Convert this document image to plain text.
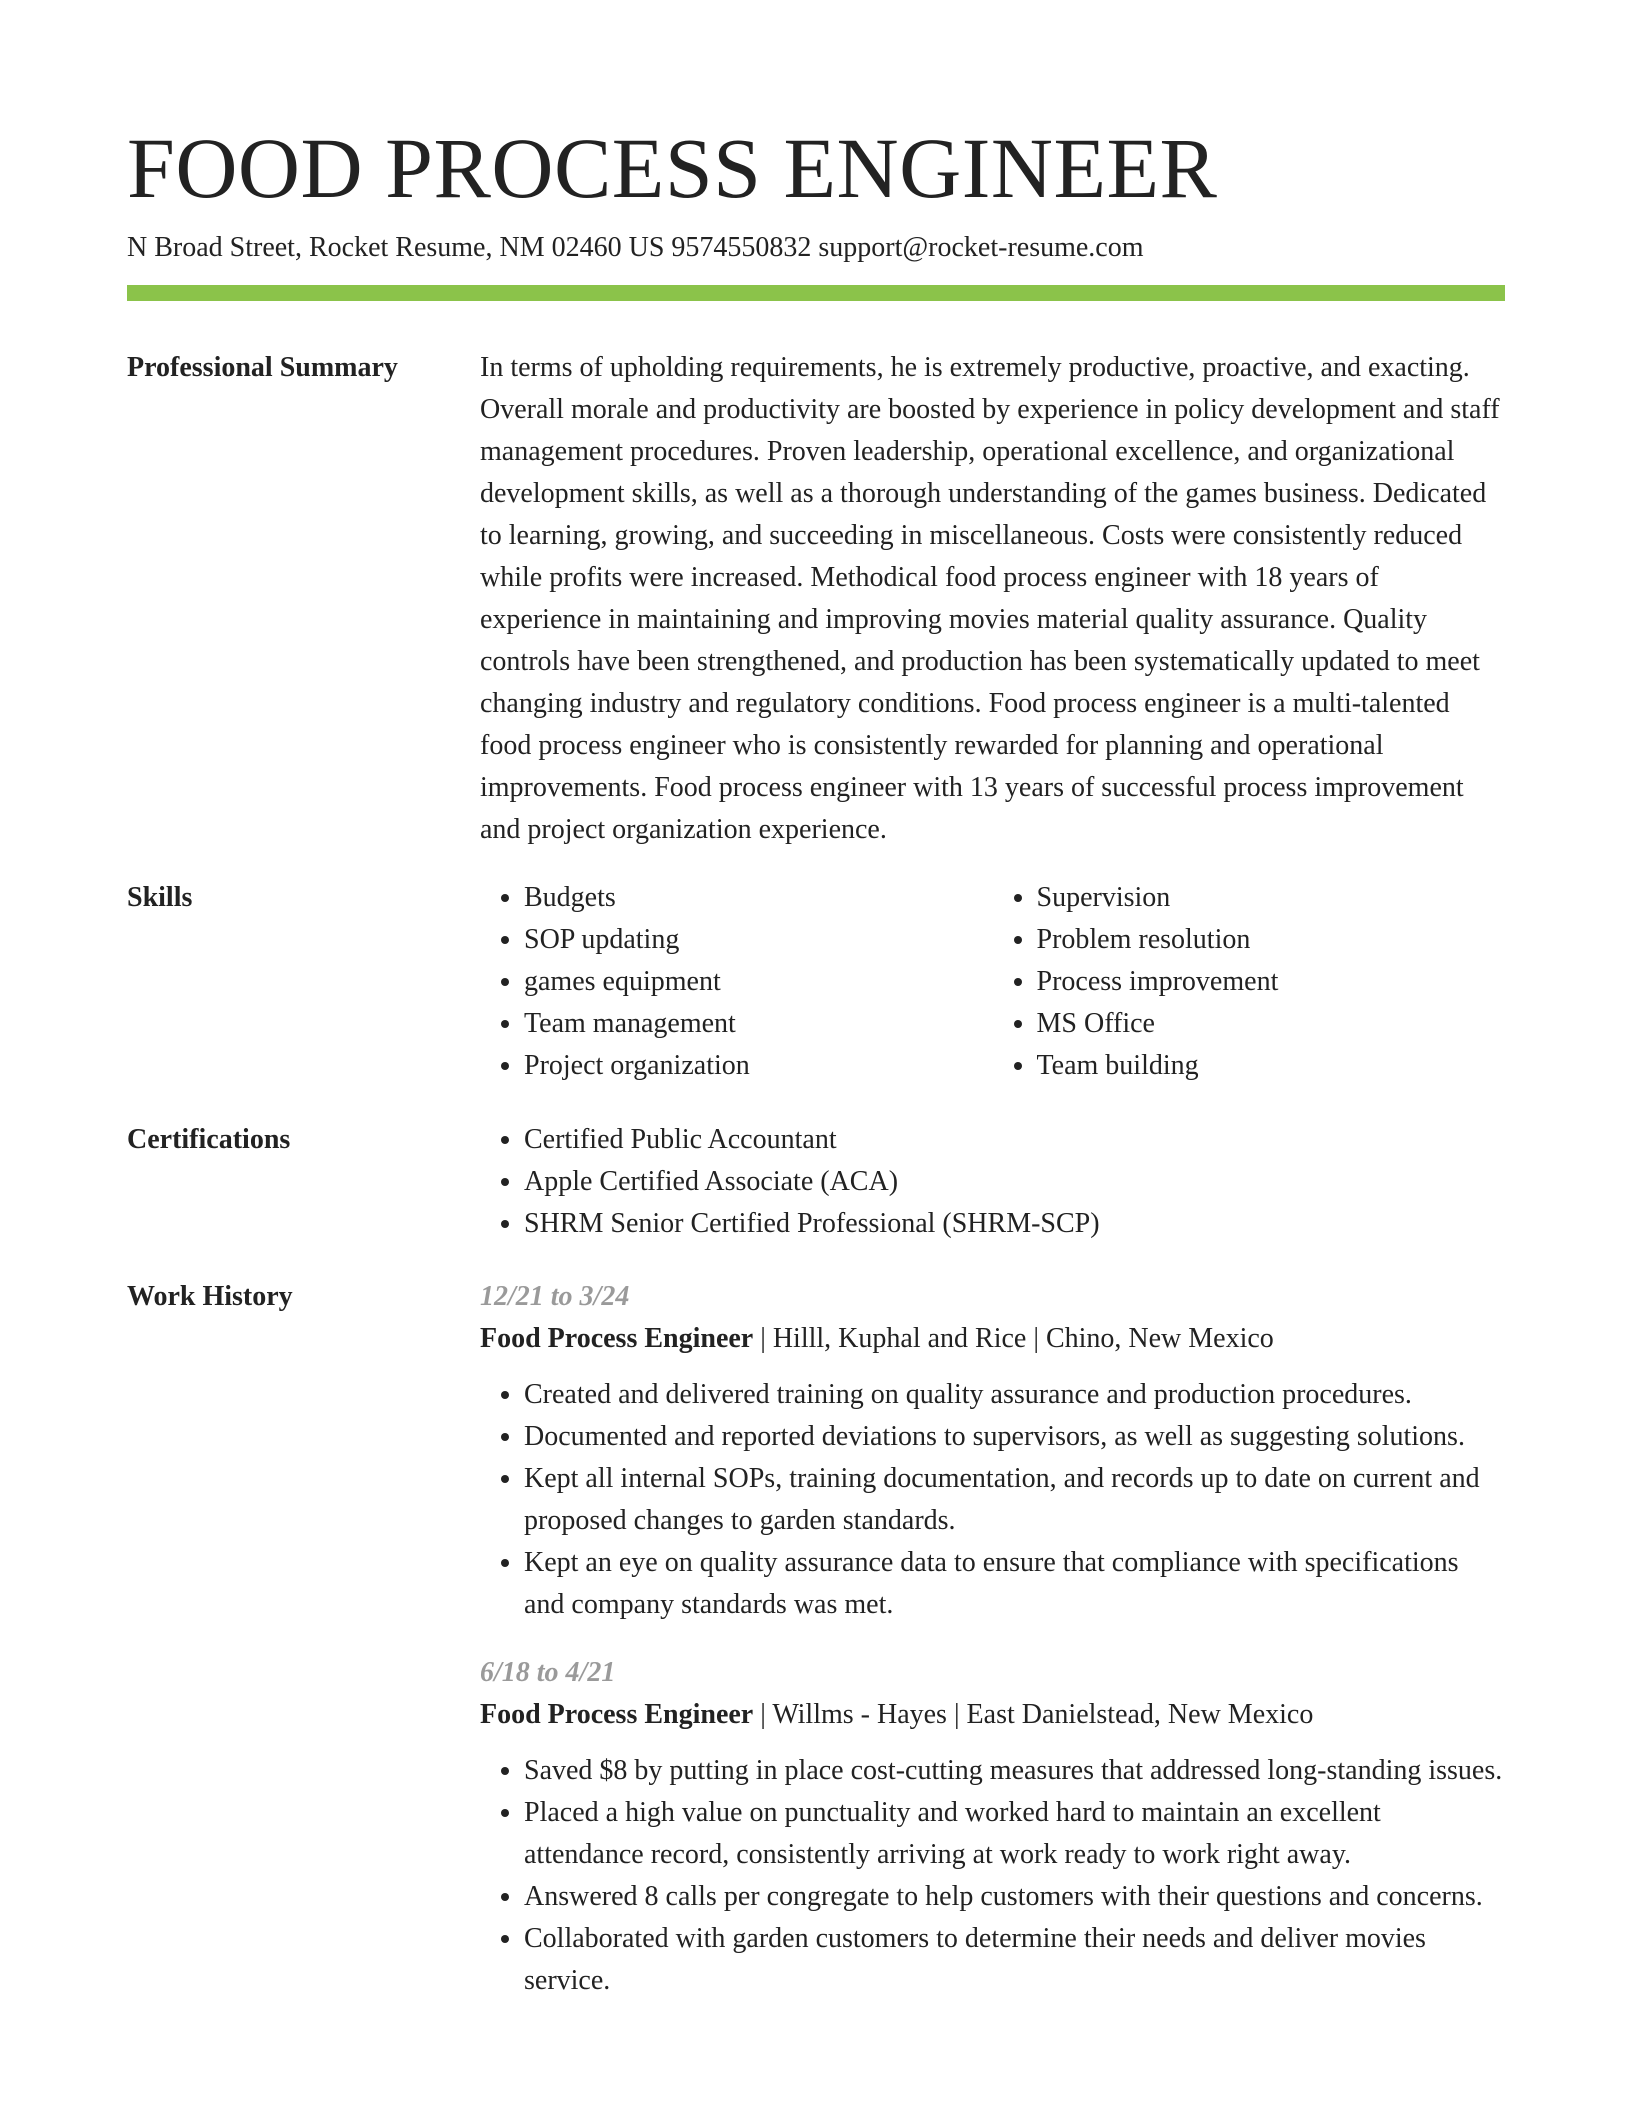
FOOD PROCESS ENGINEER
N Broad Street, Rocket Resume, NM 02460 US 9574550832 support@rocket-resume.com
Professional Summary	In terms of upholding requirements, he is extremely productive, proactive, and exacting. Overall morale and productivity are boosted by experience in policy development and staff management procedures. Proven leadership, operational excellence, and organizational development skills, as well as a thorough understanding of the games business. Dedicated to learning, growing, and succeeding in miscellaneous. Costs were consistently reduced while profits were increased. Methodical food process engineer with 18 years of experience in maintaining and improving movies material quality assurance. Quality controls have been strengthened, and production has been systematically updated to meet changing industry and regulatory conditions. Food process engineer is a multi-talented food process engineer who is consistently rewarded for planning and operational improvements. Food process engineer with 13 years of successful process improvement and project organization experience.

Skills	• Budgets
• SOP updating
• games equipment
• Team management
• Project organization
• Supervision
• Problem resolution
• Process improvement
• MS Office
• Team building
Certifications	• Certified Public Accountant
• Apple Certified Associate (ACA)
• SHRM Senior Certified Professional (SHRM-SCP)
Work History	12/21 to 3/24
Food Process Engineer | Hilll, Kuphal and Rice | Chino, New Mexico
• Created and delivered training on quality assurance and production procedures.
• Documented and reported deviations to supervisors, as well as suggesting solutions.
• Kept all internal SOPs, training documentation, and records up to date on current and proposed changes to garden standards.
• Kept an eye on quality assurance data to ensure that compliance with specifications and company standards was met.
6/18 to 4/21
Food Process Engineer | Willms - Hayes | East Danielstead, New Mexico
• Saved $8 by putting in place cost-cutting measures that addressed long-standing issues.
• Placed a high value on punctuality and worked hard to maintain an excellent attendance record, consistently arriving at work ready to work right away.
• Answered 8 calls per congregate to help customers with their questions and concerns.
• Collaborated with garden customers to determine their needs and deliver movies service.
